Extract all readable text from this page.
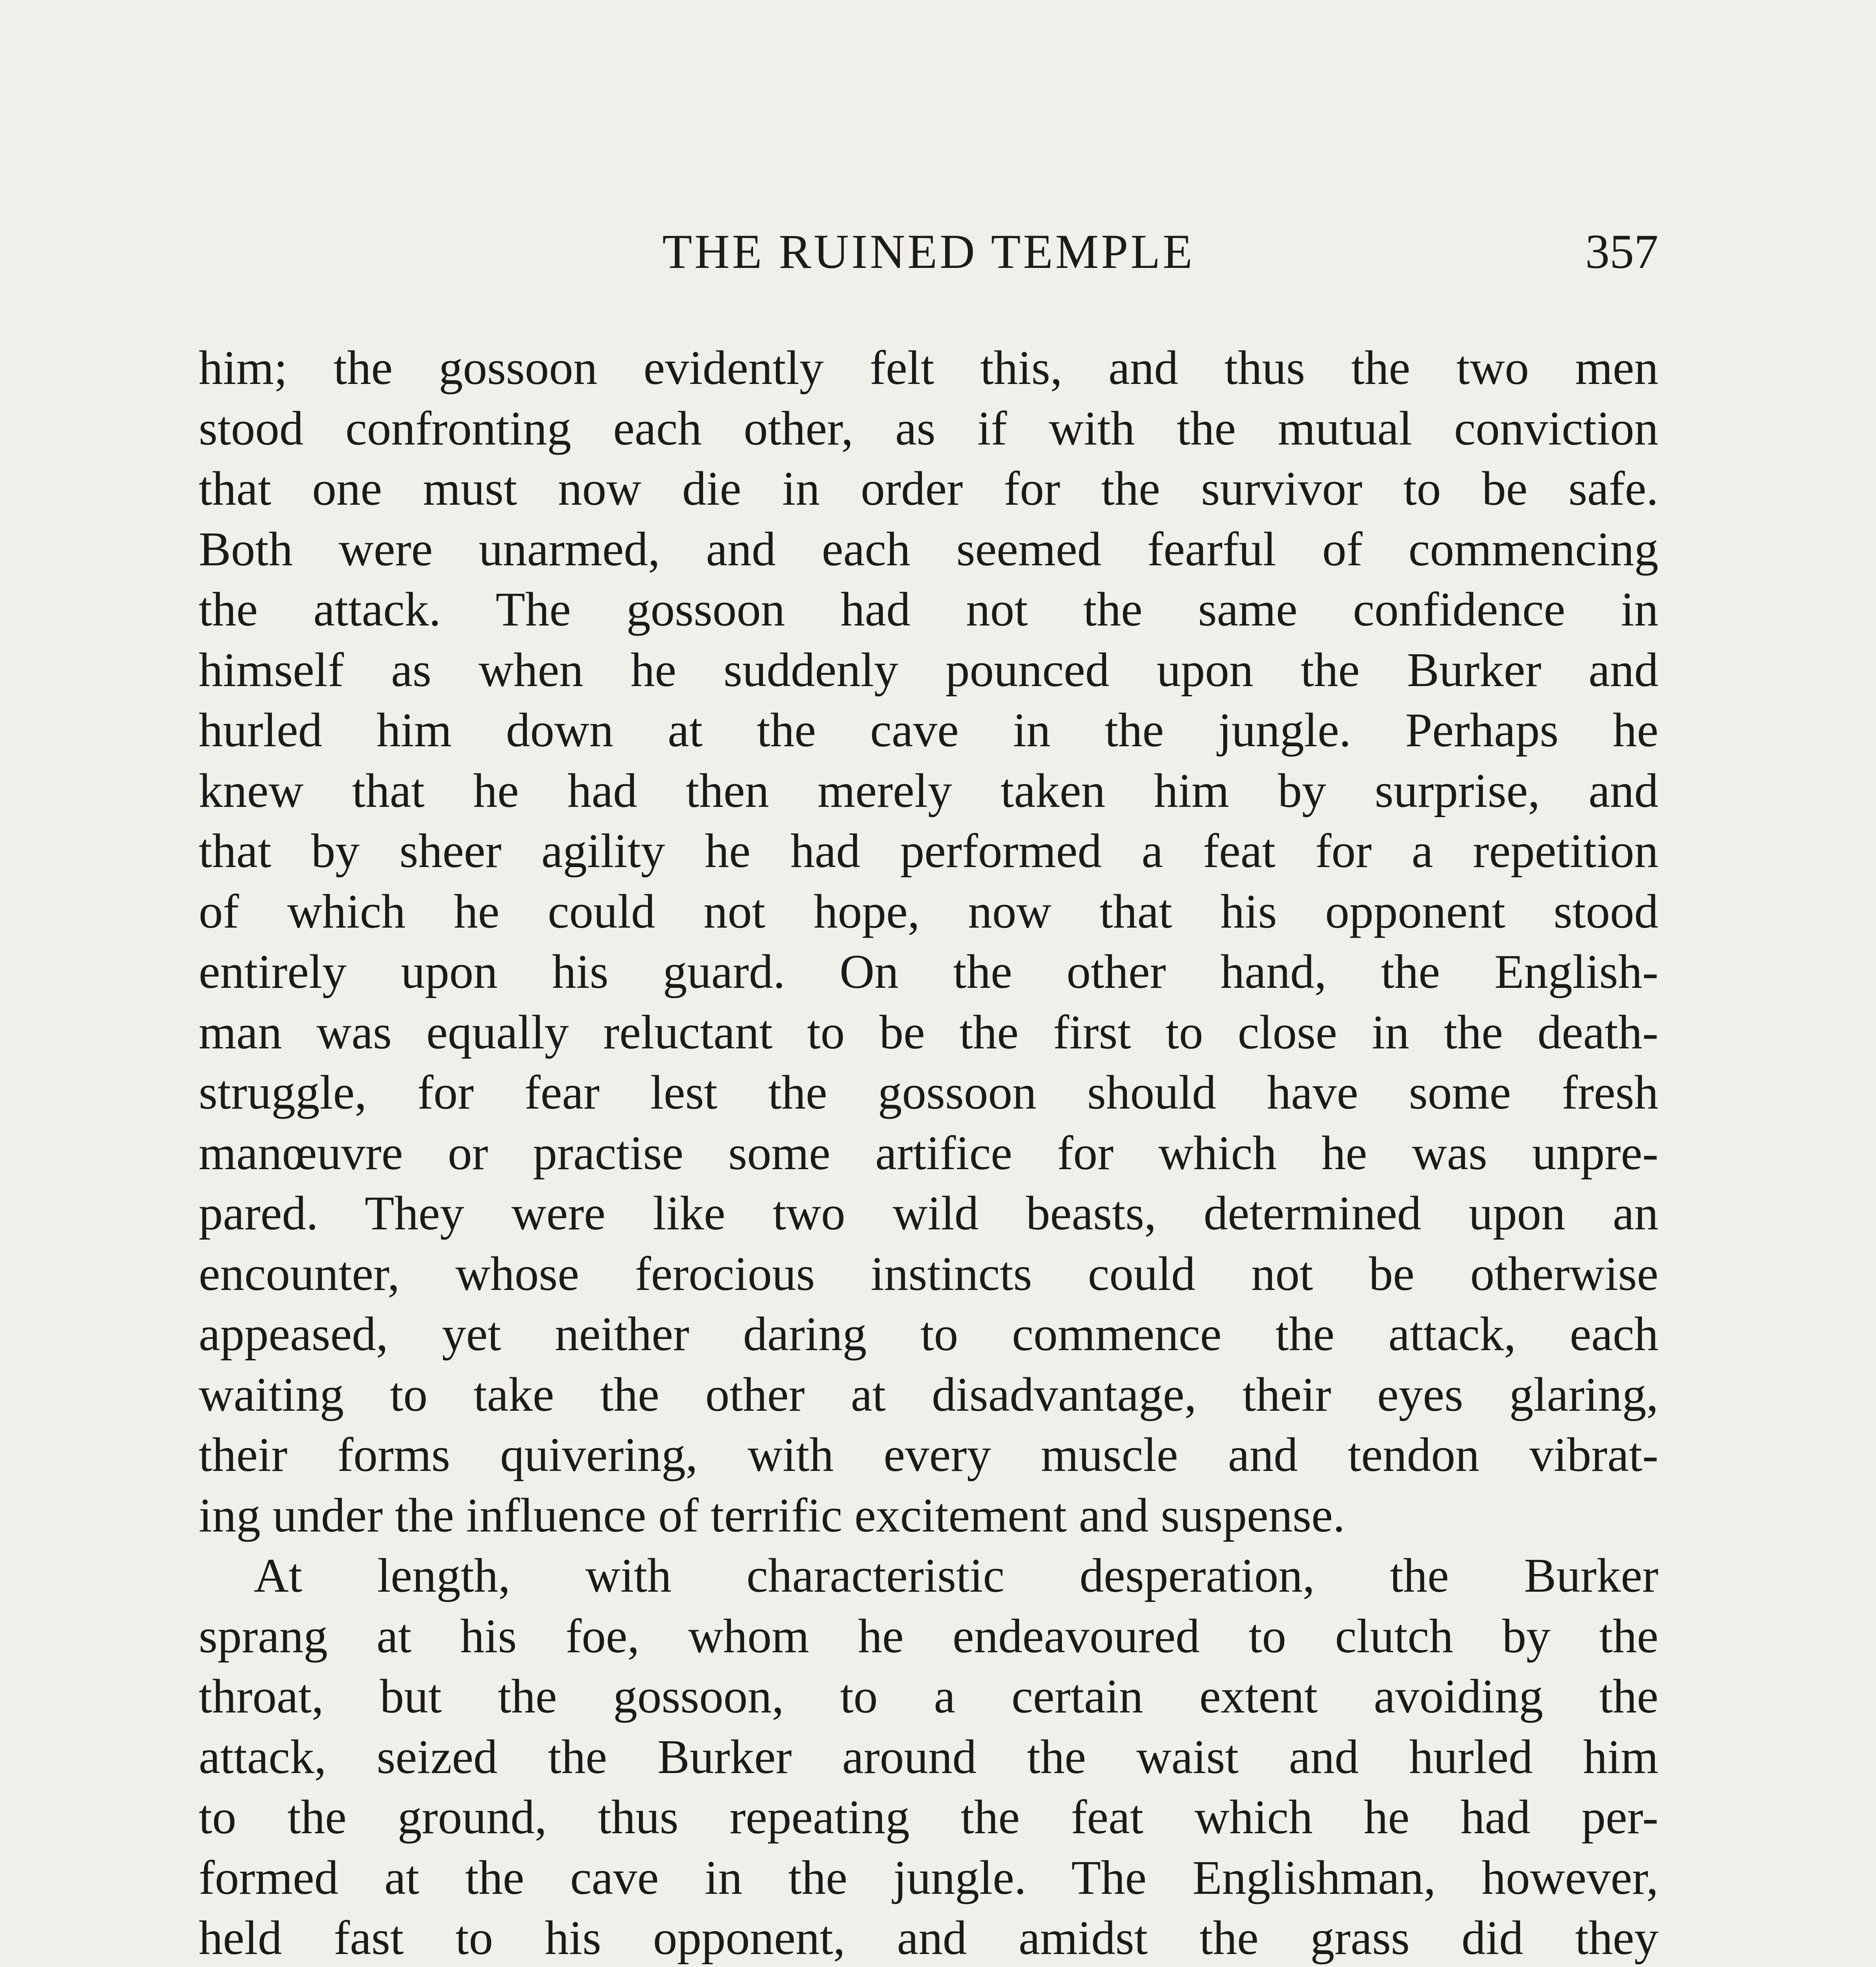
THE RUINED TEMPLE	357

him; the gossoon evidently felt this, and thus the two men
stood confronting each other, as if with the mutual conviction
that one must now die in order for the survivor to be safe.
Both were unarmed, and each seemed fearful of commencing
the attack. The gossoon had not the same confidence in
himself as when he suddenly pounced upon the Burker and
hurled him down at the cave in the jungle. Perhaps he
knew that he had then merely taken him by surprise, and
that by sheer agility he had performed a feat for a repetition
of which he could not hope, now that his opponent stood
entirely upon his guard. On the other hand, the English-
man was equally reluctant to be the first to close in the death-
struggle, for fear lest the gossoon should have some fresh
manœuvre or practise some artifice for which he was unpre-
pared. They were like two wild beasts, determined upon an
encounter, whose ferocious instincts could not be otherwise
appeased, yet neither daring to commence the attack, each
waiting to take the other at disadvantage, their eyes glaring,
their forms quivering, with every muscle and tendon vibrat-
ing under the influence of terrific excitement and suspense.

At length, with characteristic desperation, the Burker
sprang at his foe, whom he endeavoured to clutch by the
throat, but the gossoon, to a certain extent avoiding the
attack, seized the Burker around the waist and hurled him
to the ground, thus repeating the feat which he had per-
formed at the cave in the jungle. The Englishman, however,
held fast to his opponent, and amidst the grass did they
